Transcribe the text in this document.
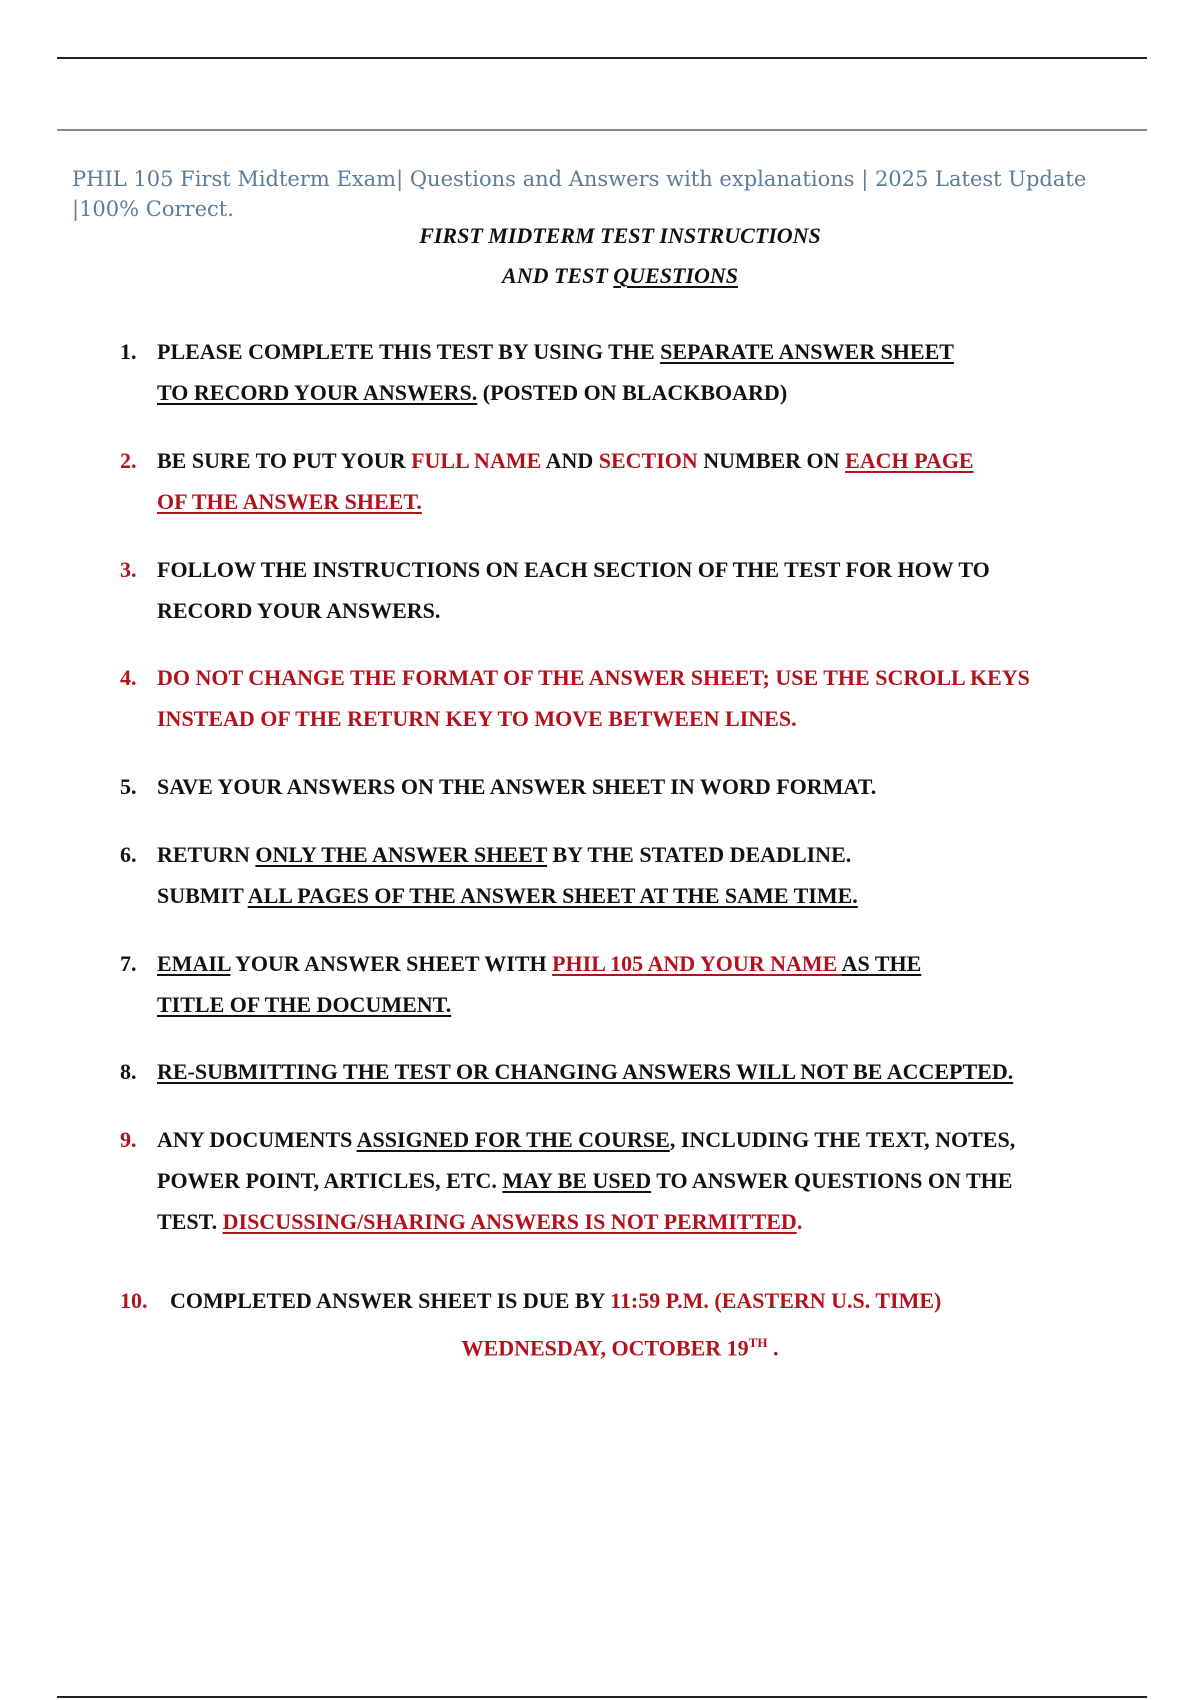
PHIL 105 First Midterm Exam| Questions and Answers with explanations | 2025 Latest Update |100% Correct.
FIRST MIDTERM TEST INSTRUCTIONS
AND TEST QUESTIONS
1. PLEASE COMPLETE THIS TEST BY USING THE SEPARATE ANSWER SHEET
TO RECORD YOUR ANSWERS. (POSTED ON BLACKBOARD)
2. BE SURE TO PUT YOUR FULL NAME AND SECTION NUMBER ON EACH PAGE
OF THE ANSWER SHEET.
3. FOLLOW THE INSTRUCTIONS ON EACH SECTION OF THE TEST FOR HOW TO
RECORD YOUR ANSWERS.
4. DO NOT CHANGE THE FORMAT OF THE ANSWER SHEET; USE THE SCROLL KEYS
INSTEAD OF THE RETURN KEY TO MOVE BETWEEN LINES.
5. SAVE YOUR ANSWERS ON THE ANSWER SHEET IN WORD FORMAT.
6. RETURN ONLY THE ANSWER SHEET BY THE STATED DEADLINE.
SUBMIT ALL PAGES OF THE ANSWER SHEET AT THE SAME TIME.
7. EMAIL YOUR ANSWER SHEET WITH PHIL 105 AND YOUR NAME AS THE
TITLE OF THE DOCUMENT.
8. RE-SUBMITTING THE TEST OR CHANGING ANSWERS WILL NOT BE ACCEPTED.
9. ANY DOCUMENTS ASSIGNED FOR THE COURSE, INCLUDING THE TEXT, NOTES,
POWER POINT, ARTICLES, ETC. MAY BE USED TO ANSWER QUESTIONS ON THE
TEST. DISCUSSING/SHARING ANSWERS IS NOT PERMITTED.
10. COMPLETED ANSWER SHEET IS DUE BY 11:59 P.M. (EASTERN U.S. TIME)
WEDNESDAY, OCTOBER 19TH .
